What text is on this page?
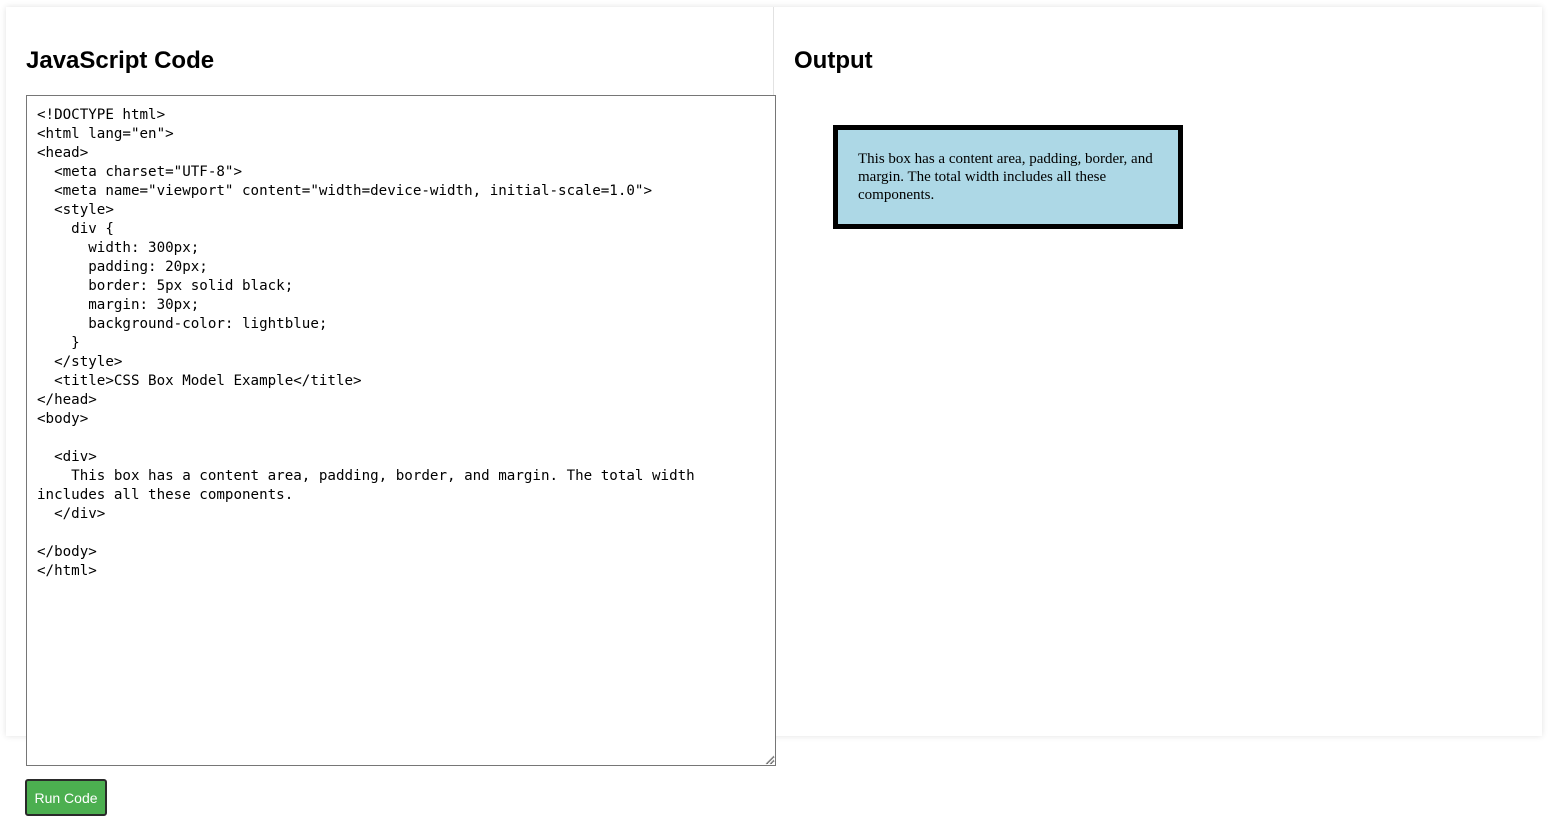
JavaScript Code	Output
This box has a content area, padding, border, and margin. The total width includes all these components.
<!DOCTYPE html> <html lang="en"> <head> <meta charset="UTF-8"> <meta name="viewport" content="width=device-width, initial-scale=1.0"> <style> div { width: 300px; padding: 20px; border: 5px solid black; margin: 30px; background-color: lightblue; } </style> <title>CSS Box Model Example</title> </head> <body> <div> This box has a content area, padding, border, and margin. The total width includes all these components. </div> </body> </html>
Run Code
